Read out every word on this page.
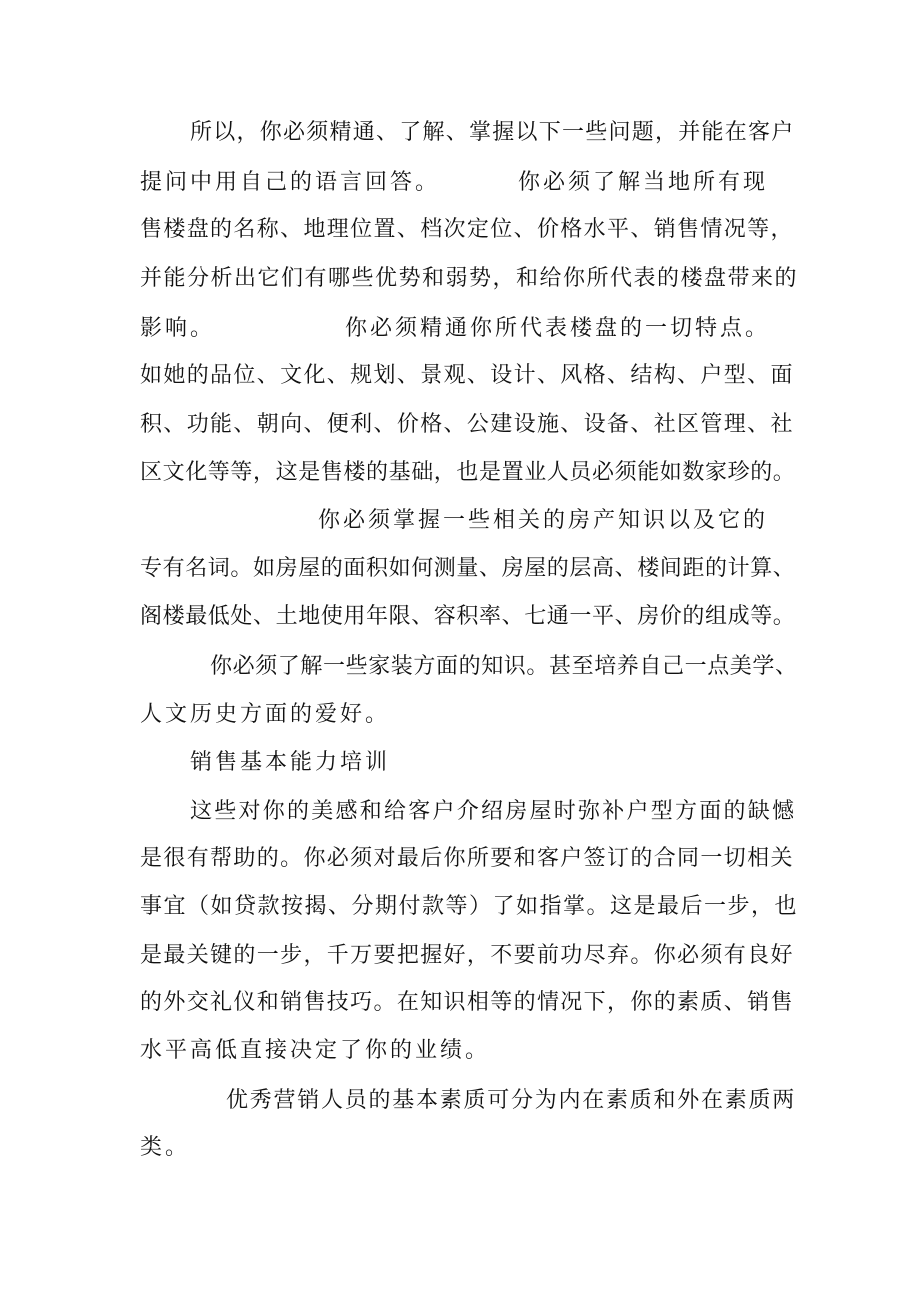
所以，你必须精通、了解、掌握以下一些问题，并能在客户

提问中用自己的语言回答。	你必须了解当地所有现

售楼盘的名称、地理位置、档次定位、价格水平、销售情况等，

并能分析出它们有哪些优势和弱势，和给你所代表的楼盘带来的

影响。	你必须精通你所代表楼盘的一切特点。

如她的品位、文化、规划、景观、设计、风格、结构、户型、面

积、功能、朝向、便利、价格、公建设施、设备、社区管理、社

区文化等等，这是售楼的基础，也是置业人员必须能如数家珍的。

你必须掌握一些相关的房产知识以及它的

专有名词。如房屋的面积如何测量、房屋的层高、楼间距的计算、

阁楼最低处、土地使用年限、容积率、七通一平、房价的组成等。

你必须了解一些家装方面的知识。甚至培养自己一点美学、

人文历史方面的爱好。

销售基本能力培训

这些对你的美感和给客户介绍房屋时弥补户型方面的缺憾

是很有帮助的。你必须对最后你所要和客户签订的合同一切相关

事宜（如贷款按揭、分期付款等）了如指掌。这是最后一步，也

是最关键的一步，千万要把握好，不要前功尽弃。你必须有良好

的外交礼仪和销售技巧。在知识相等的情况下，你的素质、销售

水平高低直接决定了你的业绩。

优秀营销人员的基本素质可分为内在素质和外在素质两

类。
